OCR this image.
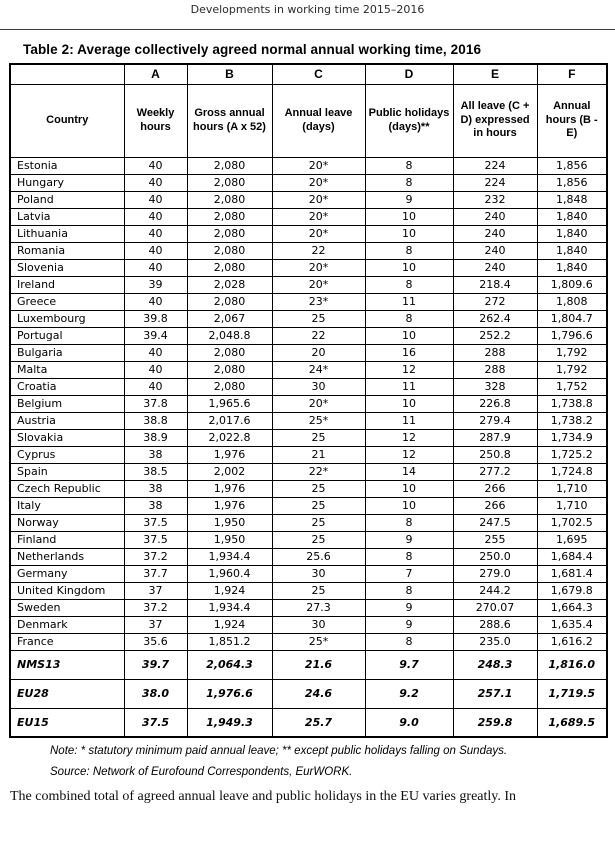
Developments in working time 2015–2016
Table 2: Average collectively agreed normal annual working time, 2016
	A	B	C	D	E	F
Country	Weekly hours	Gross annual hours (A x 52)	Annual leave (days)	Public holidays (days)**	All leave (C + D) expressed in hours	Annual hours (B - E)
Estonia	40	2,080	20*	8	224	1,856
Hungary	40	2,080	20*	8	224	1,856
Poland	40	2,080	20*	9	232	1,848
Latvia	40	2,080	20*	10	240	1,840
Lithuania	40	2,080	20*	10	240	1,840
Romania	40	2,080	22	8	240	1,840
Slovenia	40	2,080	20*	10	240	1,840
Ireland	39	2,028	20*	8	218.4	1,809.6
Greece	40	2,080	23*	11	272	1,808
Luxembourg	39.8	2,067	25	8	262.4	1,804.7
Portugal	39.4	2,048.8	22	10	252.2	1,796.6
Bulgaria	40	2,080	20	16	288	1,792
Malta	40	2,080	24*	12	288	1,792
Croatia	40	2,080	30	11	328	1,752
Belgium	37.8	1,965.6	20*	10	226.8	1,738.8
Austria	38.8	2,017.6	25*	11	279.4	1,738.2
Slovakia	38.9	2,022.8	25	12	287.9	1,734.9
Cyprus	38	1,976	21	12	250.8	1,725.2
Spain	38.5	2,002	22*	14	277.2	1,724.8
Czech Republic	38	1,976	25	10	266	1,710
Italy	38	1,976	25	10	266	1,710
Norway	37.5	1,950	25	8	247.5	1,702.5
Finland	37.5	1,950	25	9	255	1,695
Netherlands	37.2	1,934.4	25.6	8	250.0	1,684.4
Germany	37.7	1,960.4	30	7	279.0	1,681.4
United Kingdom	37	1,924	25	8	244.2	1,679.8
Sweden	37.2	1,934.4	27.3	9	270.07	1,664.3
Denmark	37	1,924	30	9	288.6	1,635.4
France	35.6	1,851.2	25*	8	235.0	1,616.2
NMS13	39.7	2,064.3	21.6	9.7	248.3	1,816.0
EU28	38.0	1,976.6	24.6	9.2	257.1	1,719.5
EU15	37.5	1,949.3	25.7	9.0	259.8	1,689.5
Note: * statutory minimum paid annual leave; ** except public holidays falling on Sundays.
Source: Network of Eurofound Correspondents, EurWORK.

The combined total of agreed annual leave and public holidays in the EU varies greatly. In
